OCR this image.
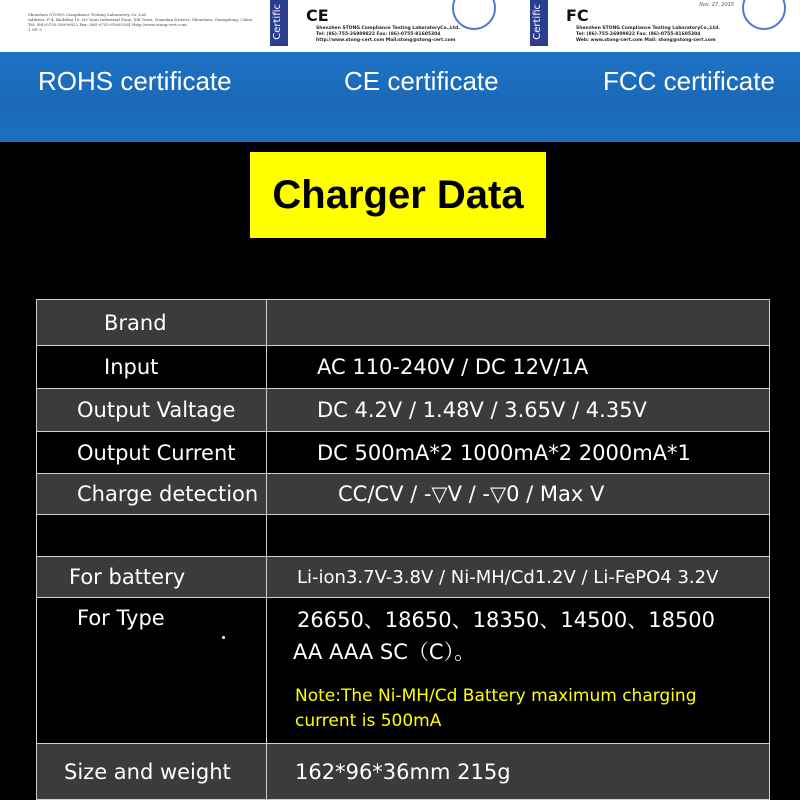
Shenzhen STONG Compliance Testing Laboratory Co.,Ltd.
Address: F-4, Building 10, De Yuan Industrial Zone, Xili Town, Nanshan District, Shenzhen, Guangdong, China
Tel: (86)-0755-28909822 Fax: (86)-0755-81605304 Http://www.stong-cert.com
1 OF 9	Certific CE
Shenzhen STONG Compliance Testing LaboratoryCo.,Ltd.
Tel: (86)-755-26909822 Fax: (86)-0755-81605304
http://www.stong-cert.com Mail:stong@stong-cert.com
Certific FC
Shenzhen STONG Compliance Testing LaboratoryCo.,Ltd.
Tel: (86)-755-26909822 Fax: (86)-0755-81605304
Web: www.stong-cert.com Mail: stong@stong-cert.com
Nov. 27, 2015
ROHS certificate	CE certificate	FCC certificate
Charger Data
Brand	
Input	AC 110-240V / DC 12V/1A
Output Valtage	DC 4.2V / 1.48V / 3.65V / 4.35V
Output Current	DC 500mA*2 1000mA*2 2000mA*1
Charge detection	CC/CV / -▽V / -▽0 / Max V

For battery	Li-ion3.7V-3.8V / Ni-MH/Cd1.2V / Li-FePO4 3.2V
For Type	26650、18650、18350、14500、18500
AA AAA SC（C）。
Note:The Ni-MH/Cd Battery maximum charging current is 500mA

Size and weight	162*96*36mm 215g
